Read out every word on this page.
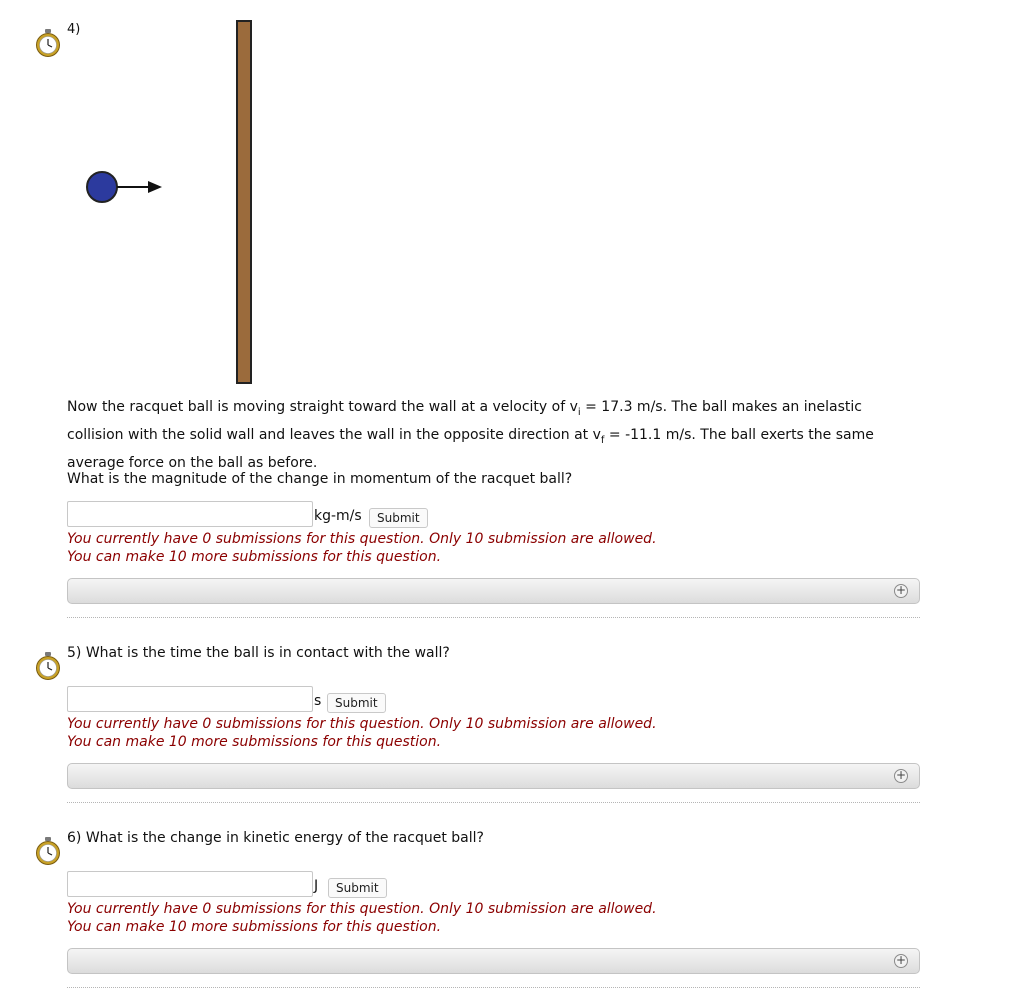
4)
Now the racquet ball is moving straight toward the wall at a velocity of $v_i = 17.3$ m/s. The ball makes an inelastic collision with the solid wall and leaves the wall in the opposite direction at $v_f = -11.1$ m/s. The ball exerts the same average force on the ball as before.
What is the magnitude of the change in momentum of the racquet ball?
kg-m/s	Submit
You currently have 0 submissions for this question. Only 10 submission are allowed.
You can make 10 more submissions for this question.
+
5) What is the time the ball is in contact with the wall?
s	Submit
You currently have 0 submissions for this question. Only 10 submission are allowed.
You can make 10 more submissions for this question.
+
6) What is the change in kinetic energy of the racquet ball?
J	Submit
You currently have 0 submissions for this question. Only 10 submission are allowed.
You can make 10 more submissions for this question.
+
